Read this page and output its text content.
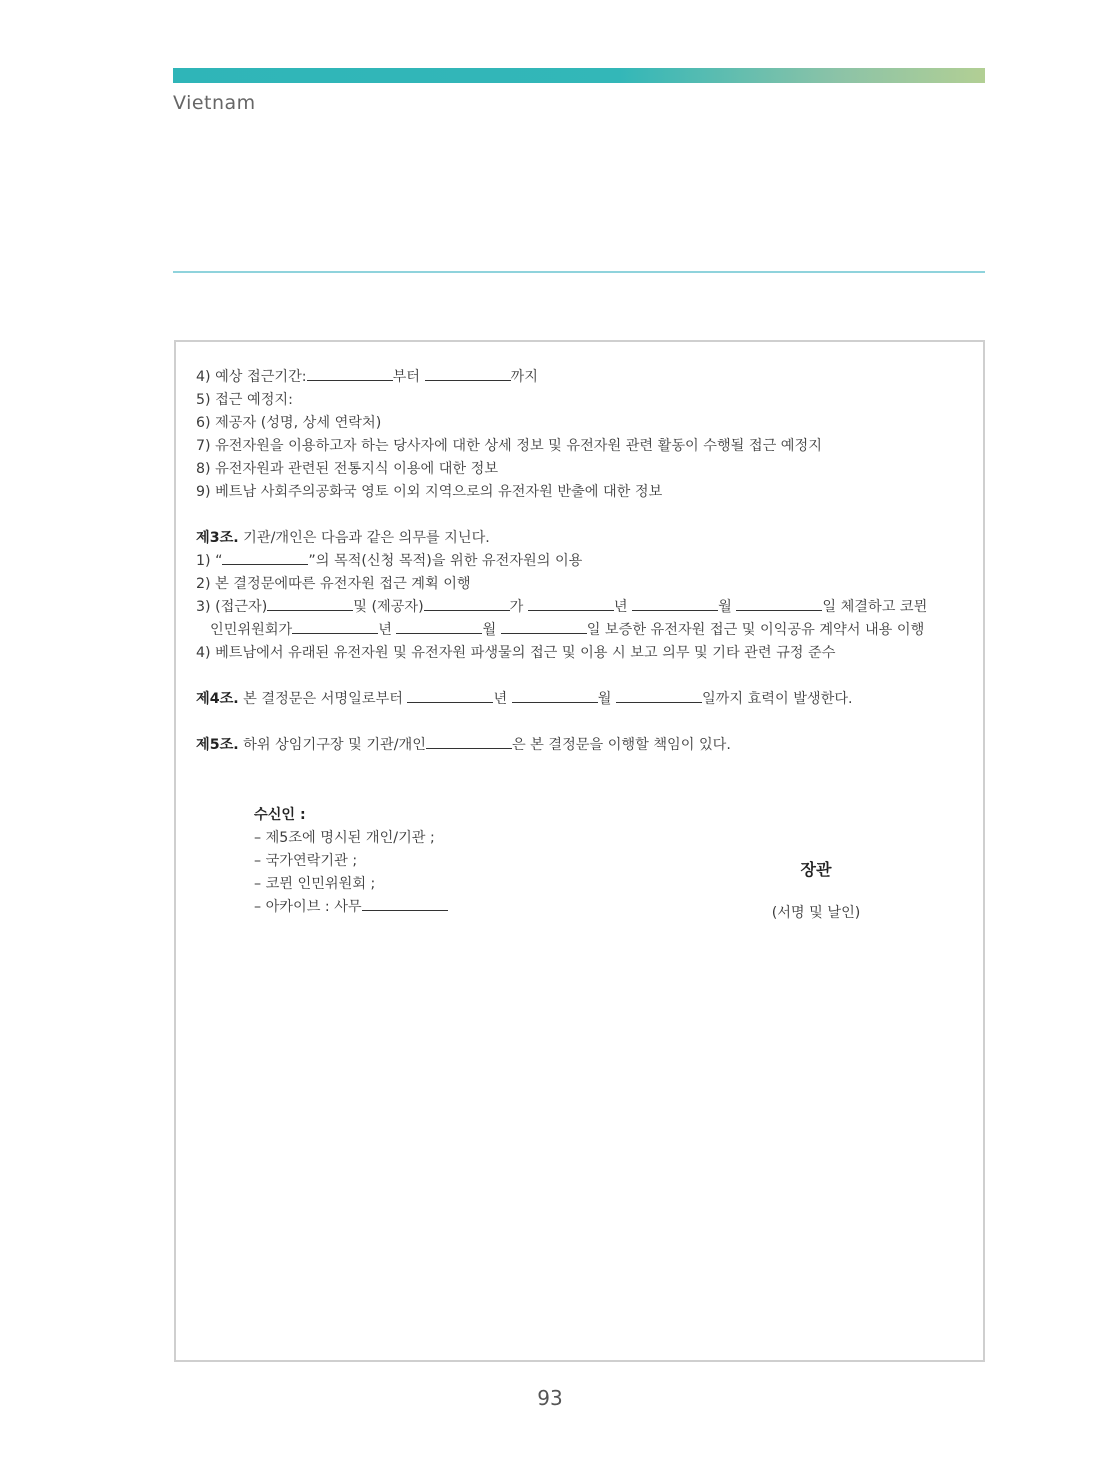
Vietnam
4) 예상 접근기간:	부터	까지
5) 접근 예정지:
6) 제공자 (성명, 상세 연락처)
7) 유전자원을 이용하고자 하는 당사자에 대한 상세 정보 및 유전자원 관련 활동이 수행될 접근 예정지
8) 유전자원과 관련된 전통지식 이용에 대한 정보
9) 베트남 사회주의공화국 영토 이외 지역으로의 유전자원 반출에 대한 정보
제3조. 기관/개인은 다음과 같은 의무를 지닌다.
1) “	”의 목적(신청 목적)을 위한 유전자원의 이용
2) 본 결정문에따른 유전자원 접근 계획 이행
3) (접근자)	및 (제공자)	가	년	월	일 체결하고 코뮌
인민위원회가	년	월	일 보증한 유전자원 접근 및 이익공유 계약서 내용 이행
4) 베트남에서 유래된 유전자원 및 유전자원 파생물의 접근 및 이용 시 보고 의무 및 기타 관련 규정 준수
제4조. 본 결정문은 서명일로부터	년	월	일까지 효력이 발생한다.
제5조. 하위 상임기구장 및 기관/개인	은 본 결정문을 이행할 책임이 있다.
수신인 :
– 제5조에 명시된 개인/기관 ;
– 국가연락기관 ;
– 코뮌 인민위원회 ;
– 아카이브 : 사무
장관
(서명 및 날인)
93
